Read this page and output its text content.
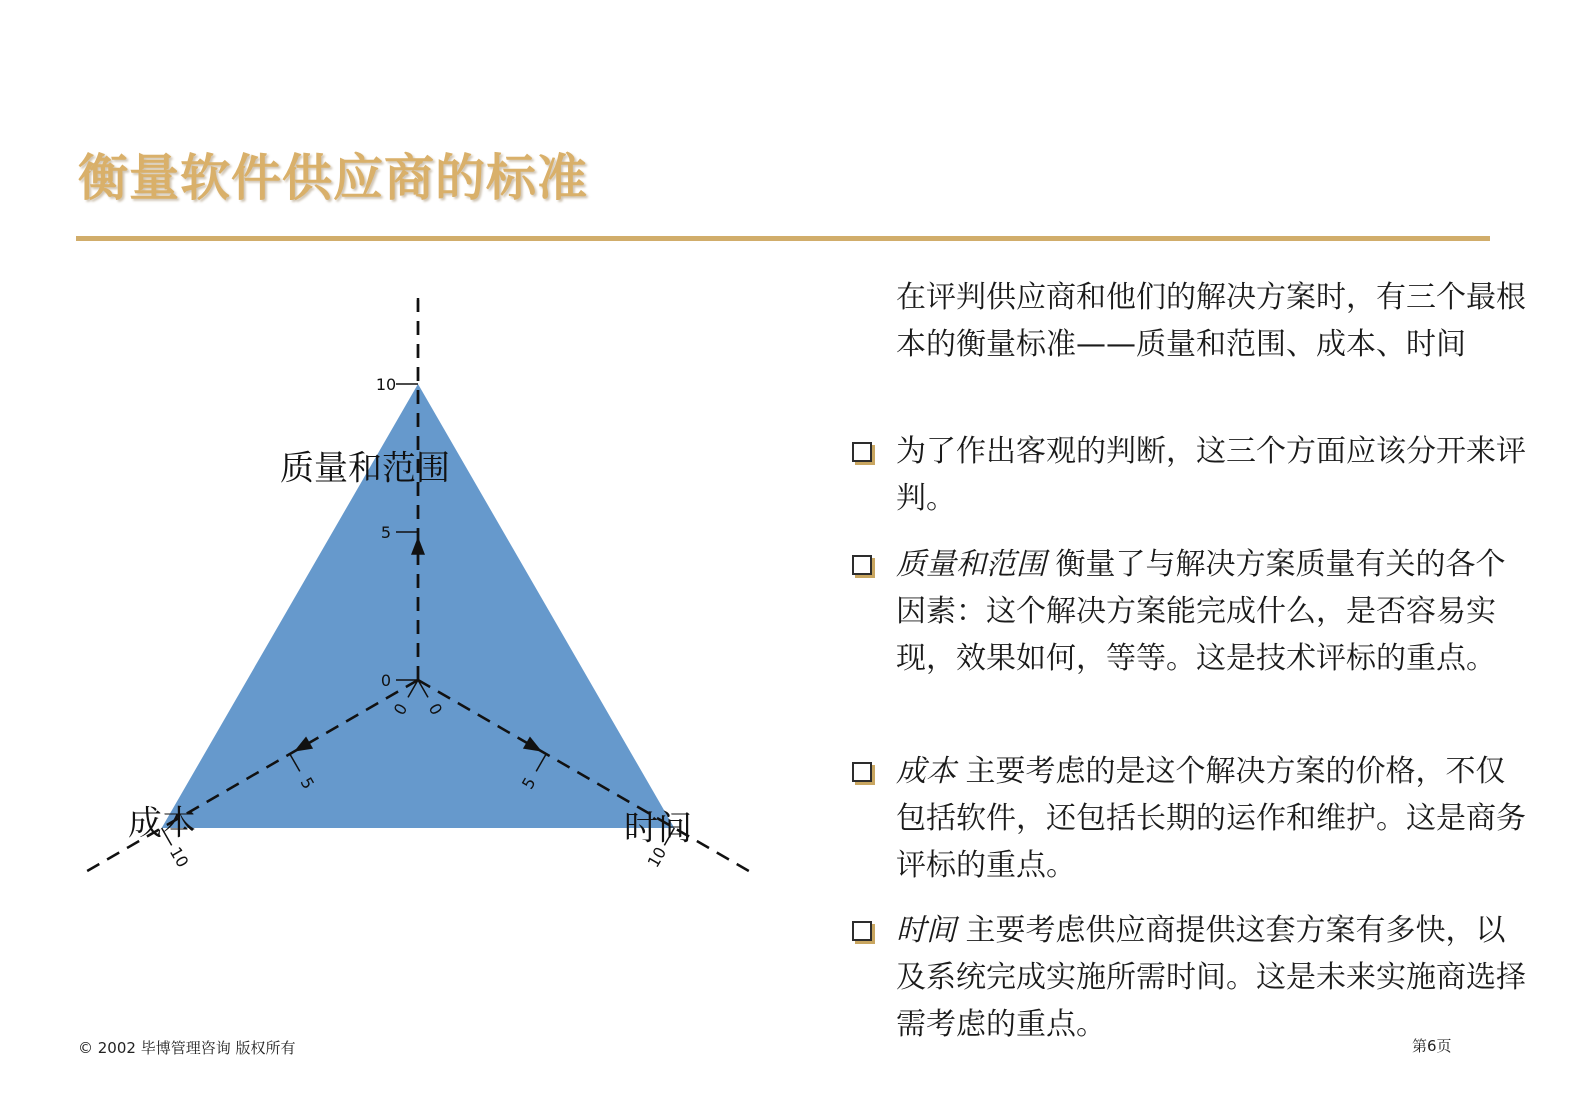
衡量软件供应商的标准
0
5
10
0
5
10
0
5
10
质量和范围
成本	时间

在评判供应商和他们的解决方案时，有三个最根本的衡量标准——质量和范围、成本、时间

为了作出客观的判断，这三个方面应该分开来评判。
质量和范围 衡量了与解决方案质量有关的各个因素：这个解决方案能完成什么，是否容易实现，效果如何，等等。这是技术评标的重点。
成本 主要考虑的是这个解决方案的价格，不仅包括软件，还包括长期的运作和维护。这是商务评标的重点。
时间 主要考虑供应商提供这套方案有多快，以及系统完成实施所需时间。这是未来实施商选择需考虑的重点。
© 2002 毕博管理咨询 版权所有	第6页
